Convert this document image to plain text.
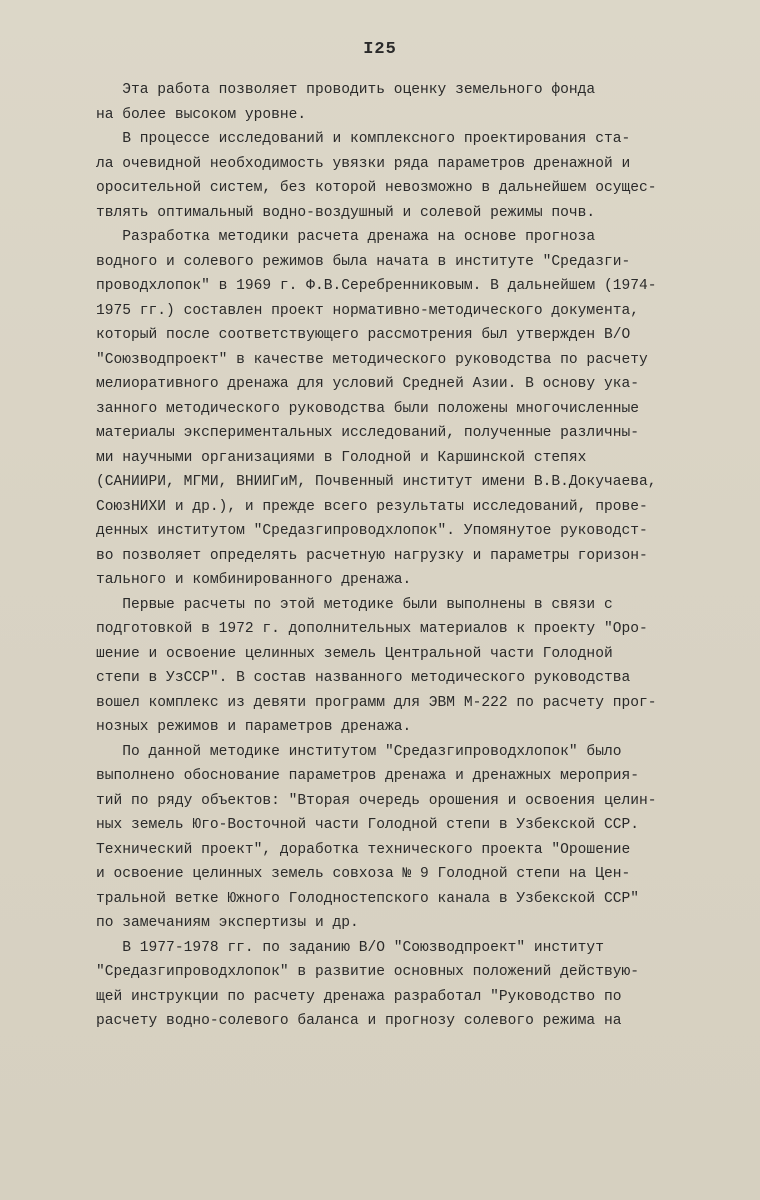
I25
Эта работа позволяет проводить оценку земельного фонда
на более высоком уровне.
В процессе исследований и комплексного проектирования ста-
ла очевидной необходимость увязки ряда параметров дренажной и
оросительной систем, без которой невозможно в дальнейшем осущес-
твлять оптимальный водно-воздушный и солевой режимы почв.
Разработка методики расчета дренажа на основе прогноза
водного и солевого режимов была начата в институте "Средазги-
проводхлопок" в 1969 г. Ф.В.Серебренниковым. В дальнейшем (1974-
1975 гг.) составлен проект нормативно-методического документа,
который после соответствующего рассмотрения был утвержден В/О
"Союзводпроект" в качестве методического руководства по расчету
мелиоративного дренажа для условий Средней Азии. В основу ука-
занного методического руководства были положены многочисленные
материалы экспериментальных исследований, полученные различны-
ми научными организациями в Голодной и Каршинской степях
(САНИИРИ, МГМИ, ВНИИГиМ, Почвенный институт имени В.В.Докучаева,
СоюзНИХИ и др.), и прежде всего результаты исследований, прове-
денных институтом "Средазгипроводхлопок". Упомянутое руководст-
во позволяет определять расчетную нагрузку и параметры горизон-
тального и комбинированного дренажа.
Первые расчеты по этой методике были выполнены в связи с
подготовкой в 1972 г. дополнительных материалов к проекту "Оро-
шение и освоение целинных земель Центральной части Голодной
степи в УзССР". В состав названного методического руководства
вошел комплекс из девяти программ для ЭВМ М-222 по расчету прог-
нозных режимов и параметров дренажа.
По данной методике институтом "Средазгипроводхлопок" было
выполнено обоснование параметров дренажа и дренажных мероприя-
тий по ряду объектов: "Вторая очередь орошения и освоения целин-
ных земель Юго-Восточной части Голодной степи в Узбекской ССР.
Технический проект", доработка технического проекта "Орошение
и освоение целинных земель совхоза № 9 Голодной степи на Цен-
тральной ветке Южного Голодностепского канала в Узбекской ССР"
по замечаниям экспертизы и др.
В 1977-1978 гг. по заданию В/О "Союзводпроект" институт
"Средазгипроводхлопок" в развитие основных положений действую-
щей инструкции по расчету дренажа разработал "Руководство по
расчету водно-солевого баланса и прогнозу солевого режима на
